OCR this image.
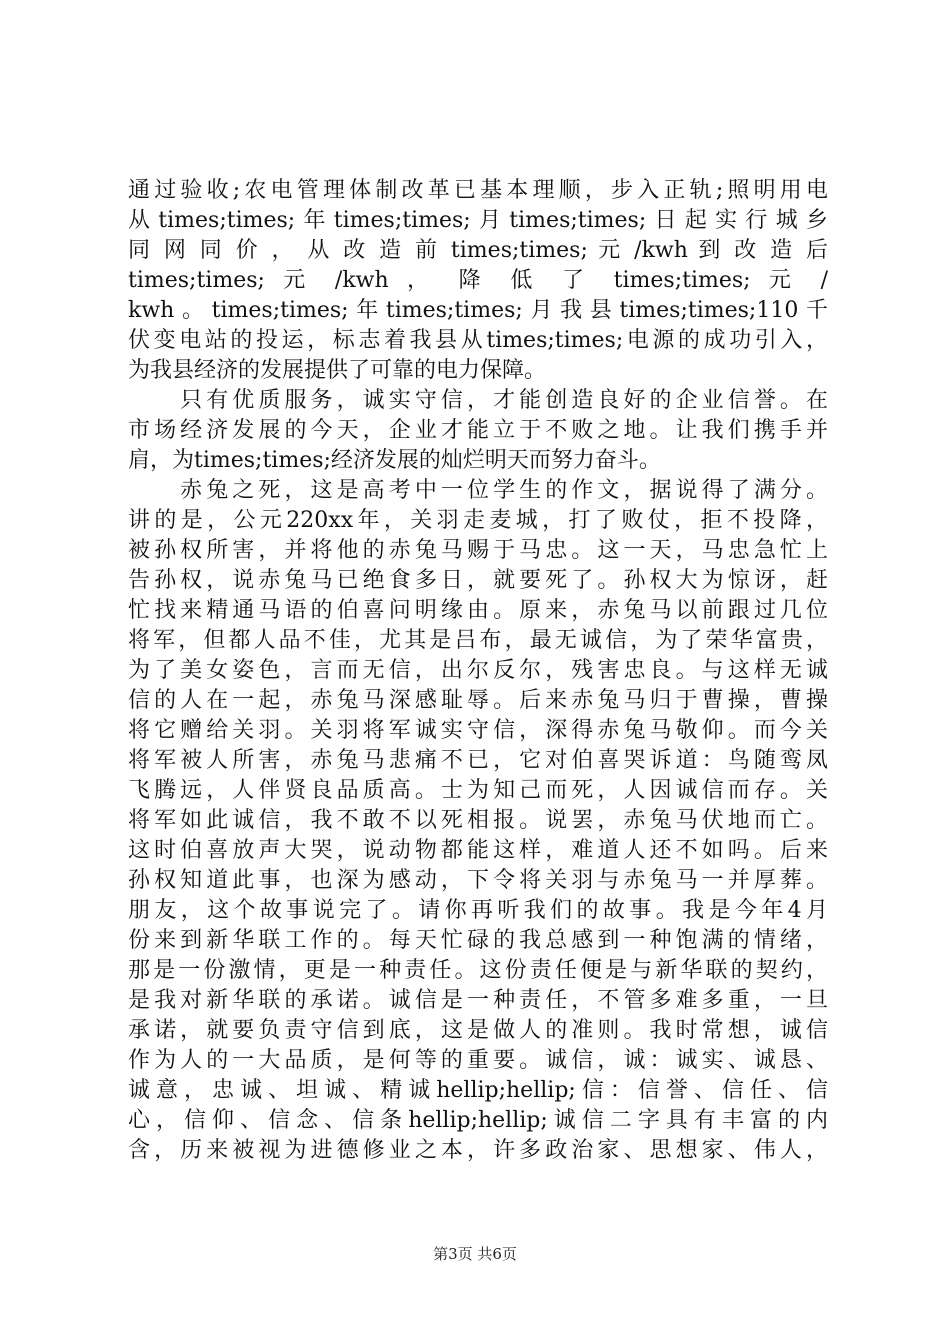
通过验收;农电管理体制改革已基本理顺，步入正轨;照明用电
从times;times;年times;times;月times;times;日起实行城乡
同 网 同 价 ， 从 改 造 前 times;times; 元 /kwh 到 改 造 后
times;times; 元 /kwh ， 降 低 了 times;times; 元 /
kwh。times;times;年times;times;月我县times;times;110千
伏变电站的投运，标志着我县从times;times;电源的成功引入，
为我县经济的发展提供了可靠的电力保障。
　　只有优质服务，诚实守信，才能创造良好的企业信誉。在
市场经济发展的今天，企业才能立于不败之地。让我们携手并
肩，为times;times;经济发展的灿烂明天而努力奋斗。
　　赤兔之死，这是高考中一位学生的作文，据说得了满分。
讲的是，公元220xx年，关羽走麦城，打了败仗，拒不投降，
被孙权所害，并将他的赤兔马赐于马忠。这一天，马忠急忙上
告孙权，说赤兔马已绝食多日，就要死了。孙权大为惊讶，赶
忙找来精通马语的伯喜问明缘由。原来，赤兔马以前跟过几位
将军，但都人品不佳，尤其是吕布，最无诚信，为了荣华富贵，
为了美女姿色，言而无信，出尔反尔，残害忠良。与这样无诚
信的人在一起，赤兔马深感耻辱。后来赤兔马归于曹操，曹操
将它赠给关羽。关羽将军诚实守信，深得赤兔马敬仰。而今关
将军被人所害，赤兔马悲痛不已，它对伯喜哭诉道：鸟随鸾凤
飞腾远，人伴贤良品质高。士为知己而死，人因诚信而存。关
将军如此诚信，我不敢不以死相报。说罢，赤兔马伏地而亡。
这时伯喜放声大哭，说动物都能这样，难道人还不如吗。后来
孙权知道此事，也深为感动，下令将关羽与赤兔马一并厚葬。
朋友，这个故事说完了。请你再听我们的故事。我是今年4月
份来到新华联工作的。每天忙碌的我总感到一种饱满的情绪，
那是一份激情，更是一种责任。这份责任便是与新华联的契约，
是我对新华联的承诺。诚信是一种责任，不管多难多重，一旦
承诺，就要负责守信到底，这是做人的准则。我时常想，诚信
作为人的一大品质，是何等的重要。诚信，诚：诚实、诚恳、
诚意，忠诚、坦诚、精诚hellip;hellip;信：信誉、信任、信
心，信仰、信念、信条hellip;hellip;诚信二字具有丰富的内
含，历来被视为进德修业之本，许多政治家、思想家、伟人，
第3页 共6页
